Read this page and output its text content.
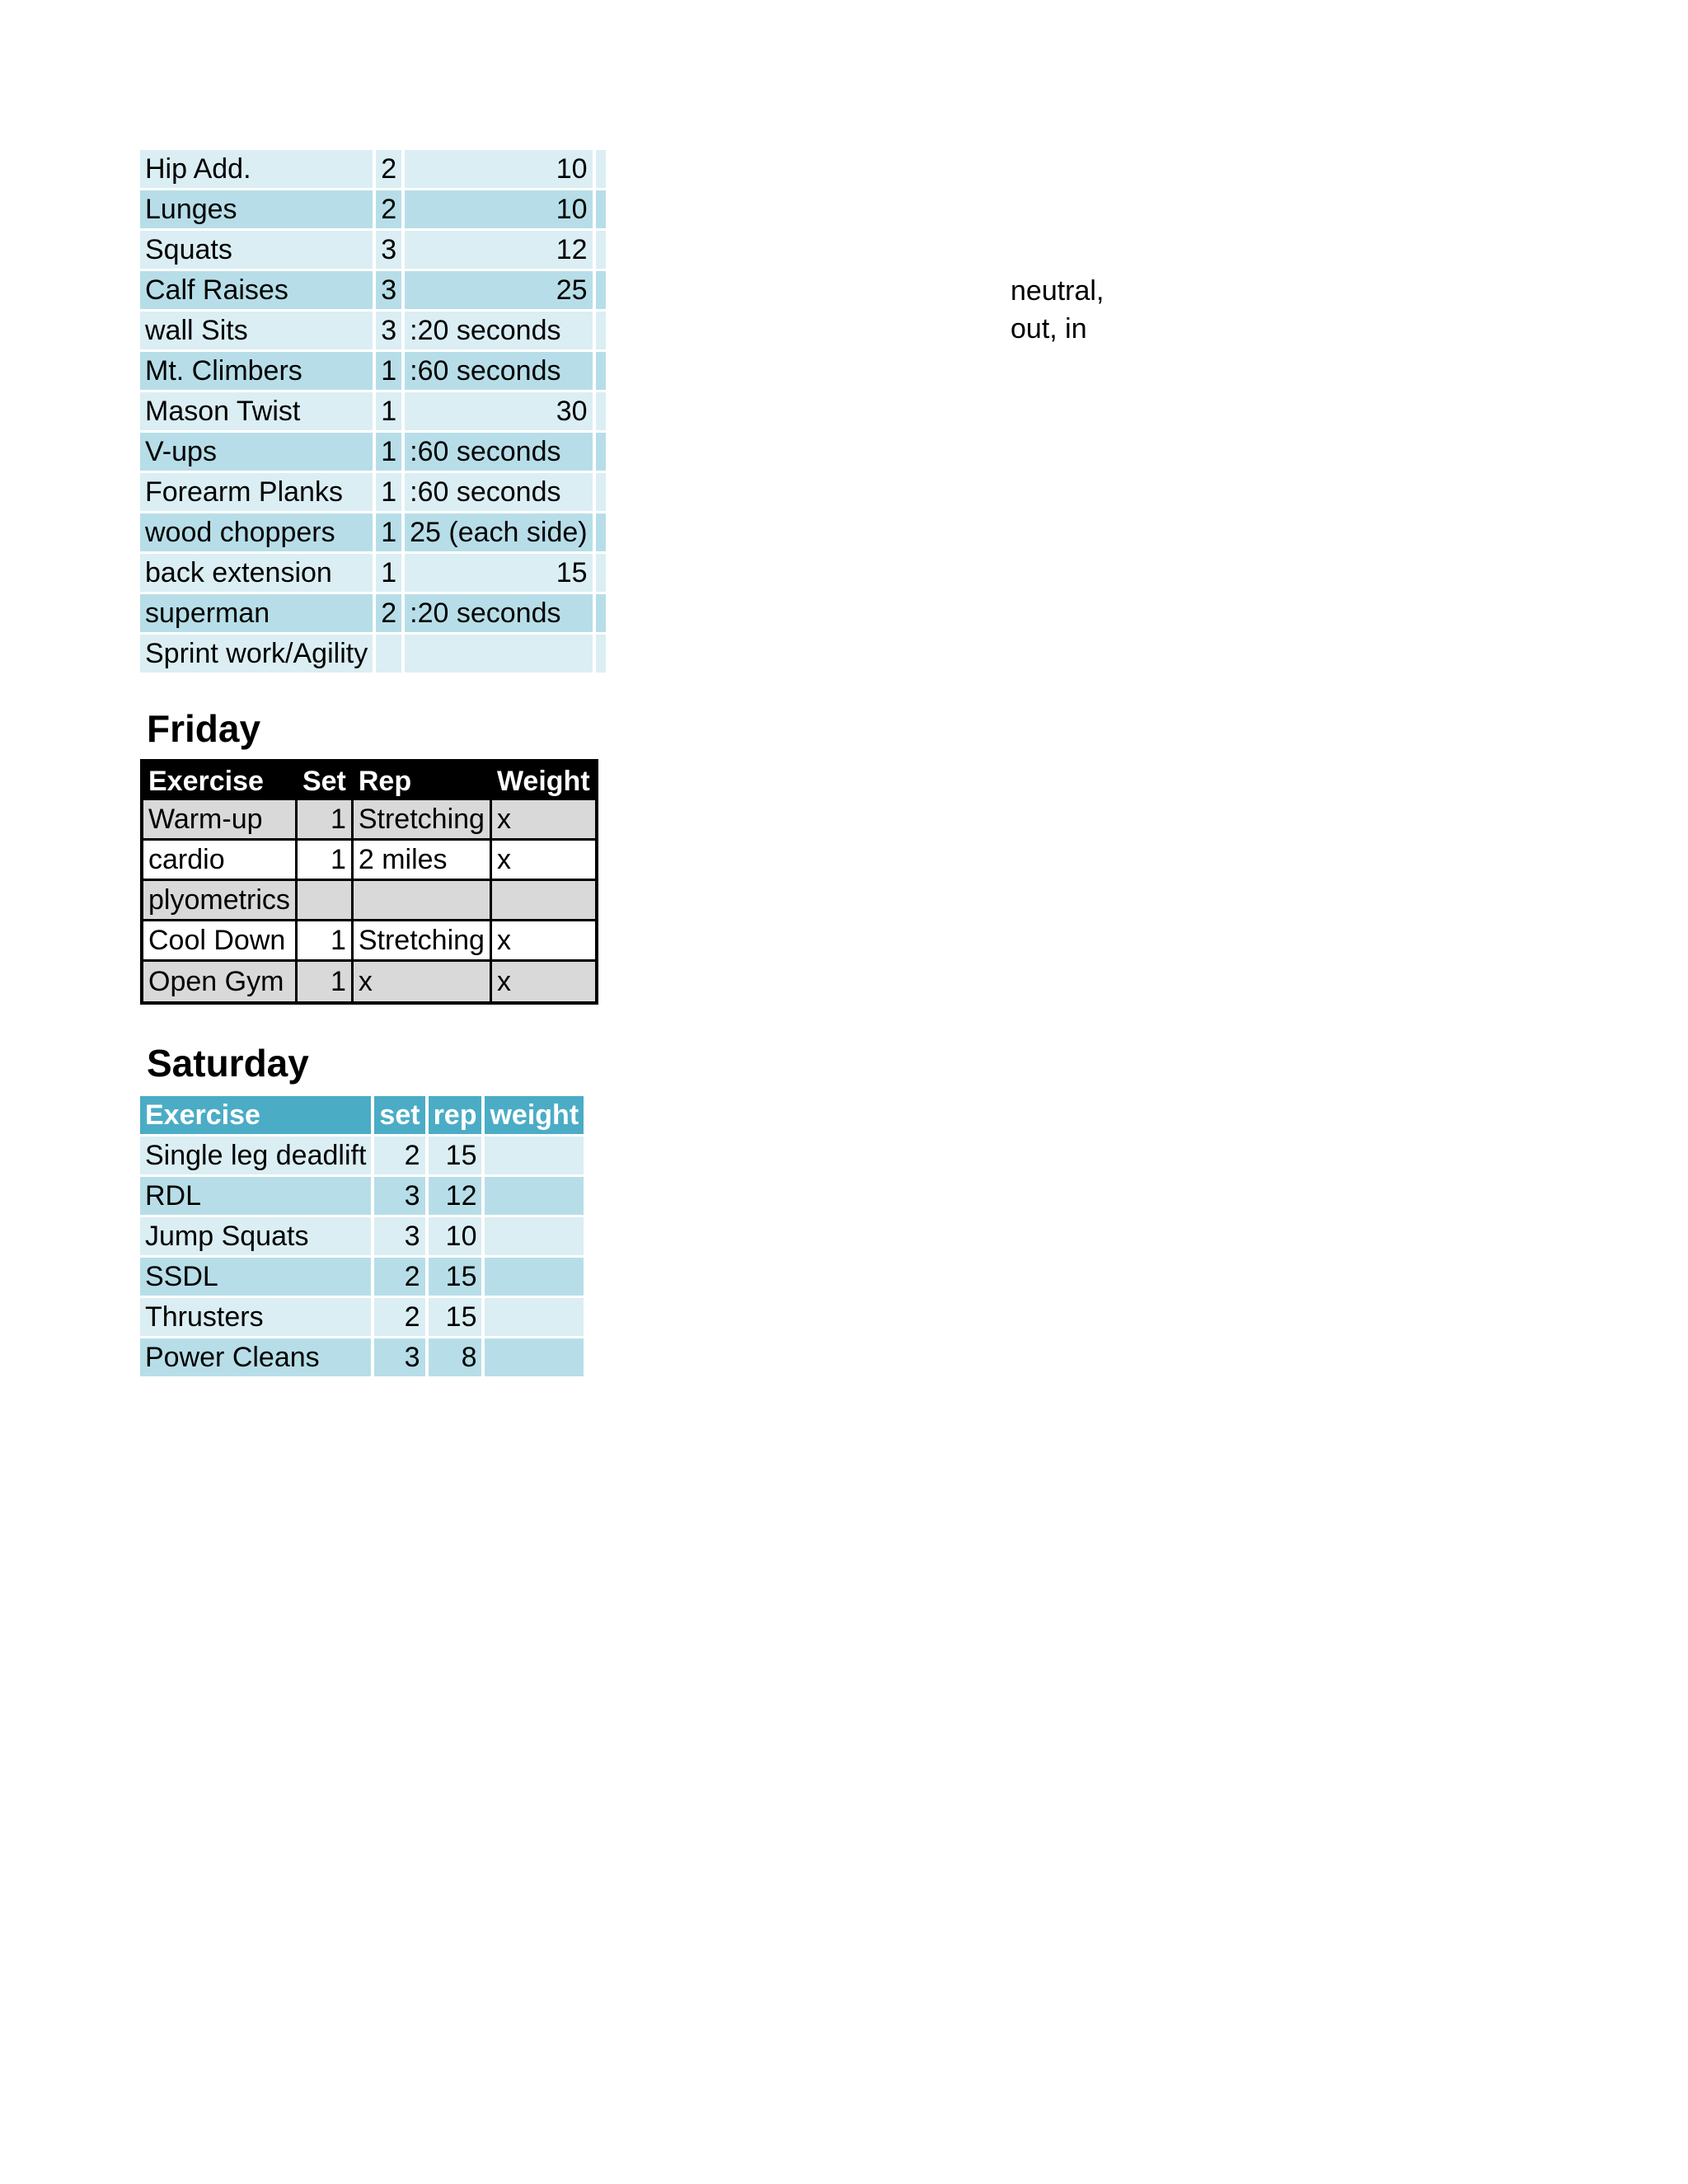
Hip Add.	2	10	
Lunges	2	10	
Squats	3	12	
Calf Raises	3	25	
wall Sits	3	:20 seconds	
Mt. Climbers	1	:60 seconds	
Mason Twist	1	30	
V-ups	1	:60 seconds	
Forearm Planks	1	:60 seconds	
wood choppers	1	25 (each side)	
back extension	1	15	
superman	2	:20 seconds	
Sprint work/Agility			
neutral, out, in
Friday
Exercise	Set	Rep	Weight
Warm-up	1	Stretching	x
cardio	1	2 miles	x
plyometrics			
Cool Down	1	Stretching	x
Open Gym	1	x	x
Saturday
Exercise	set	rep	weight
Single leg deadlift	2	15	
RDL	3	12	
Jump Squats	3	10	
SSDL	2	15	
Thrusters	2	15	
Power Cleans	3	8	
